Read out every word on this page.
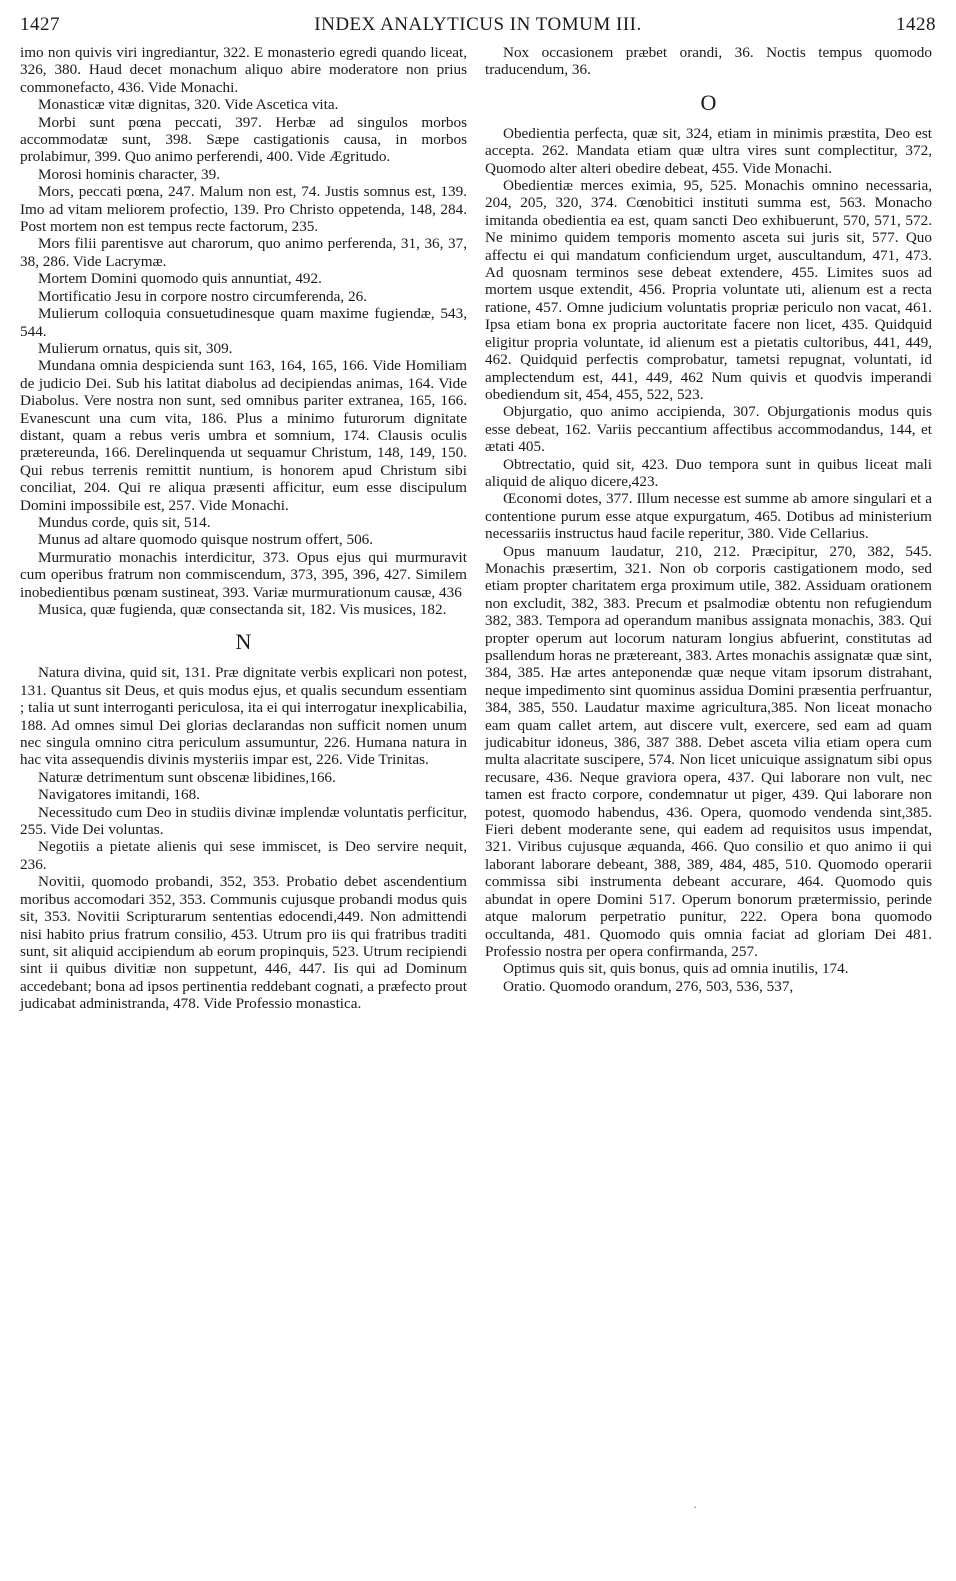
1427	INDEX ANALYTICUS IN TOMUM III.	1428

imo non quivis viri ingrediantur, 322. E monasterio egredi quando liceat, 326, 380. Haud decet monachum aliquo abire moderatore non prius commonefacto, 436. Vide Monachi.

Monasticæ vitæ dignitas, 320. Vide Ascetica vita.

Morbi sunt pœna peccati, 397. Herbæ ad singulos morbos accommodatæ sunt, 398. Sæpe castigationis causa, in morbos prolabimur, 399. Quo animo perferendi, 400. Vide Ægritudo.

Morosi hominis character, 39.

Mors, peccati pœna, 247. Malum non est, 74. Justis somnus est, 139. Imo ad vitam meliorem profectio, 139. Pro Christo oppetenda, 148, 284. Post mortem non est tempus recte factorum, 235.

Mors filii parentisve aut charorum, quo animo perferenda, 31, 36, 37, 38, 286. Vide Lacrymæ.

Mortem Domini quomodo quis annuntiat, 492.

Mortificatio Jesu in corpore nostro circumferenda, 26.

Mulierum colloquia consuetudinesque quam maxime fugiendæ, 543, 544.

Mulierum ornatus, quis sit, 309.

Mundana omnia despicienda sunt 163, 164, 165, 166. Vide Homiliam de judicio Dei. Sub his latitat diabolus ad decipiendas animas, 164. Vide Diabolus. Vere nostra non sunt, sed omnibus pariter extranea, 165, 166. Evanescunt una cum vita, 186. Plus a minimo futurorum dignitate distant, quam a rebus veris umbra et somnium, 174. Clausis oculis prætereunda, 166. Derelinquenda ut sequamur Christum, 148, 149, 150. Qui rebus terrenis remittit nuntium, is honorem apud Christum sibi conciliat, 204. Qui re aliqua præsenti afficitur, eum esse discipulum Domini impossibile est, 257. Vide Monachi.

Mundus corde, quis sit, 514.

Munus ad altare quomodo quisque nostrum offert, 506.

Murmuratio monachis interdicitur, 373. Opus ejus qui murmuravit cum operibus fratrum non commiscendum, 373, 395, 396, 427. Similem inobedientibus pœnam sustineat, 393. Variæ murmurationum causæ, 436

Musica, quæ fugienda, quæ consectanda sit, 182. Vis musices, 182.

N

Natura divina, quid sit, 131. Præ dignitate verbis explicari non potest, 131. Quantus sit Deus, et quis modus ejus, et qualis secundum essentiam ; talia ut sunt interroganti periculosa, ita ei qui interrogatur inexplicabilia, 188. Ad omnes simul Dei glorias declarandas non sufficit nomen unum nec singula omnino citra periculum assumuntur, 226. Humana natura in hac vita assequendis divinis mysteriis impar est, 226. Vide Trinitas.

Naturæ detrimentum sunt obscenæ libidines,166.

Navigatores imitandi, 168.

Necessitudo cum Deo in studiis divinæ implendæ voluntatis perficitur, 255. Vide Dei voluntas.

Negotiis a pietate alienis qui sese immiscet, is Deo servire nequit, 236.

Novitii, quomodo probandi, 352, 353. Probatio debet ascendentium moribus accomodari 352, 353. Communis cujusque probandi modus quis sit, 353. Novitii Scripturarum sententias edocendi,449. Non admittendi nisi habito prius fratrum consilio, 453. Utrum pro iis qui fratribus traditi sunt, sit aliquid accipiendum ab eorum propinquis, 523. Utrum recipiendi sint ii quibus divitiæ non suppetunt, 446, 447. Iis qui ad Dominum accedebant; bona ad ipsos pertinentia reddebant cognati, a præfecto prout judicabat administranda, 478. Vide Professio monastica.

Nox occasionem præbet orandi, 36. Noctis tempus quomodo traducendum, 36.

O

Obedientia perfecta, quæ sit, 324, etiam in minimis præstita, Deo est accepta. 262. Mandata etiam quæ ultra vires sunt complectitur, 372, Quomodo alter alteri obedire debeat, 455. Vide Monachi.

Obedientiæ merces eximia, 95, 525. Monachis omnino necessaria, 204, 205, 320, 374. Cœnobitici instituti summa est, 563. Monacho imitanda obedientia ea est, quam sancti Deo exhibuerunt, 570, 571, 572. Ne minimo quidem temporis momento asceta sui juris sit, 577. Quo affectu ei qui mandatum conficiendum urget, auscultandum, 471, 473. Ad quosnam terminos sese debeat extendere, 455. Limites suos ad mortem usque extendit, 456. Propria voluntate uti, alienum est a recta ratione, 457. Omne judicium voluntatis propriæ periculo non vacat, 461. Ipsa etiam bona ex propria auctoritate facere non licet, 435. Quidquid eligitur propria voluntate, id alienum est a pietatis cultoribus, 441, 449, 462. Quidquid perfectis comprobatur, tametsi repugnat, voluntati, id amplectendum est, 441, 449, 462 Num quivis et quodvis imperandi obediendum sit, 454, 455, 522, 523.

Objurgatio, quo animo accipienda, 307. Objurgationis modus quis esse debeat, 162. Variis peccantium affectibus accommodandus, 144, et ætati 405.

Obtrectatio, quid sit, 423. Duo tempora sunt in quibus liceat mali aliquid de aliquo dicere,423.

Œconomi dotes, 377. Illum necesse est summe ab amore singulari et a contentione purum esse atque expurgatum, 465. Dotibus ad ministerium necessariis instructus haud facile reperitur, 380. Vide Cellarius.

Opus manuum laudatur, 210, 212. Præcipitur, 270, 382, 545. Monachis præsertim, 321. Non ob corporis castigationem modo, sed etiam propter charitatem erga proximum utile, 382. Assiduam orationem non excludit, 382, 383. Precum et psalmodiæ obtentu non refugiendum 382, 383. Tempora ad operandum manibus assignata monachis, 383. Qui propter operum aut locorum naturam longius abfuerint, constitutas ad psallendum horas ne prætereant, 383. Artes monachis assignatæ quæ sint, 384, 385. Hæ artes anteponendæ quæ neque vitam ipsorum distrahant, neque impedimento sint quominus assidua Domini præsentia perfruantur, 384, 385, 550. Laudatur maxime agricultura,385. Non liceat monacho eam quam callet artem, aut discere vult, exercere, sed eam ad quam judicabitur idoneus, 386, 387 388. Debet asceta vilia etiam opera cum multa alacritate suscipere, 574. Non licet unicuique assignatum sibi opus recusare, 436. Neque graviora opera, 437. Qui laborare non vult, nec tamen est fracto corpore, condemnatur ut piger, 439. Qui laborare non potest, quomodo habendus, 436. Opera, quomodo vendenda sint,385. Fieri debent moderante sene, qui eadem ad requisitos usus impendat, 321. Viribus cujusque æquanda, 466. Quo consilio et quo animo ii qui laborant laborare debeant, 388, 389, 484, 485, 510. Quomodo operarii commissa sibi instrumenta debeant accurare, 464. Quomodo quis abundat in opere Domini 517. Operum bonorum prætermissio, perinde atque malorum perpetratio punitur, 222. Opera bona quomodo occultanda, 481. Quomodo quis omnia faciat ad gloriam Dei 481. Professio nostra per opera confirmanda, 257.

Optimus quis sit, quis bonus, quis ad omnia inutilis, 174.

Oratio. Quomodo orandum, 276, 503, 536, 537,

·
